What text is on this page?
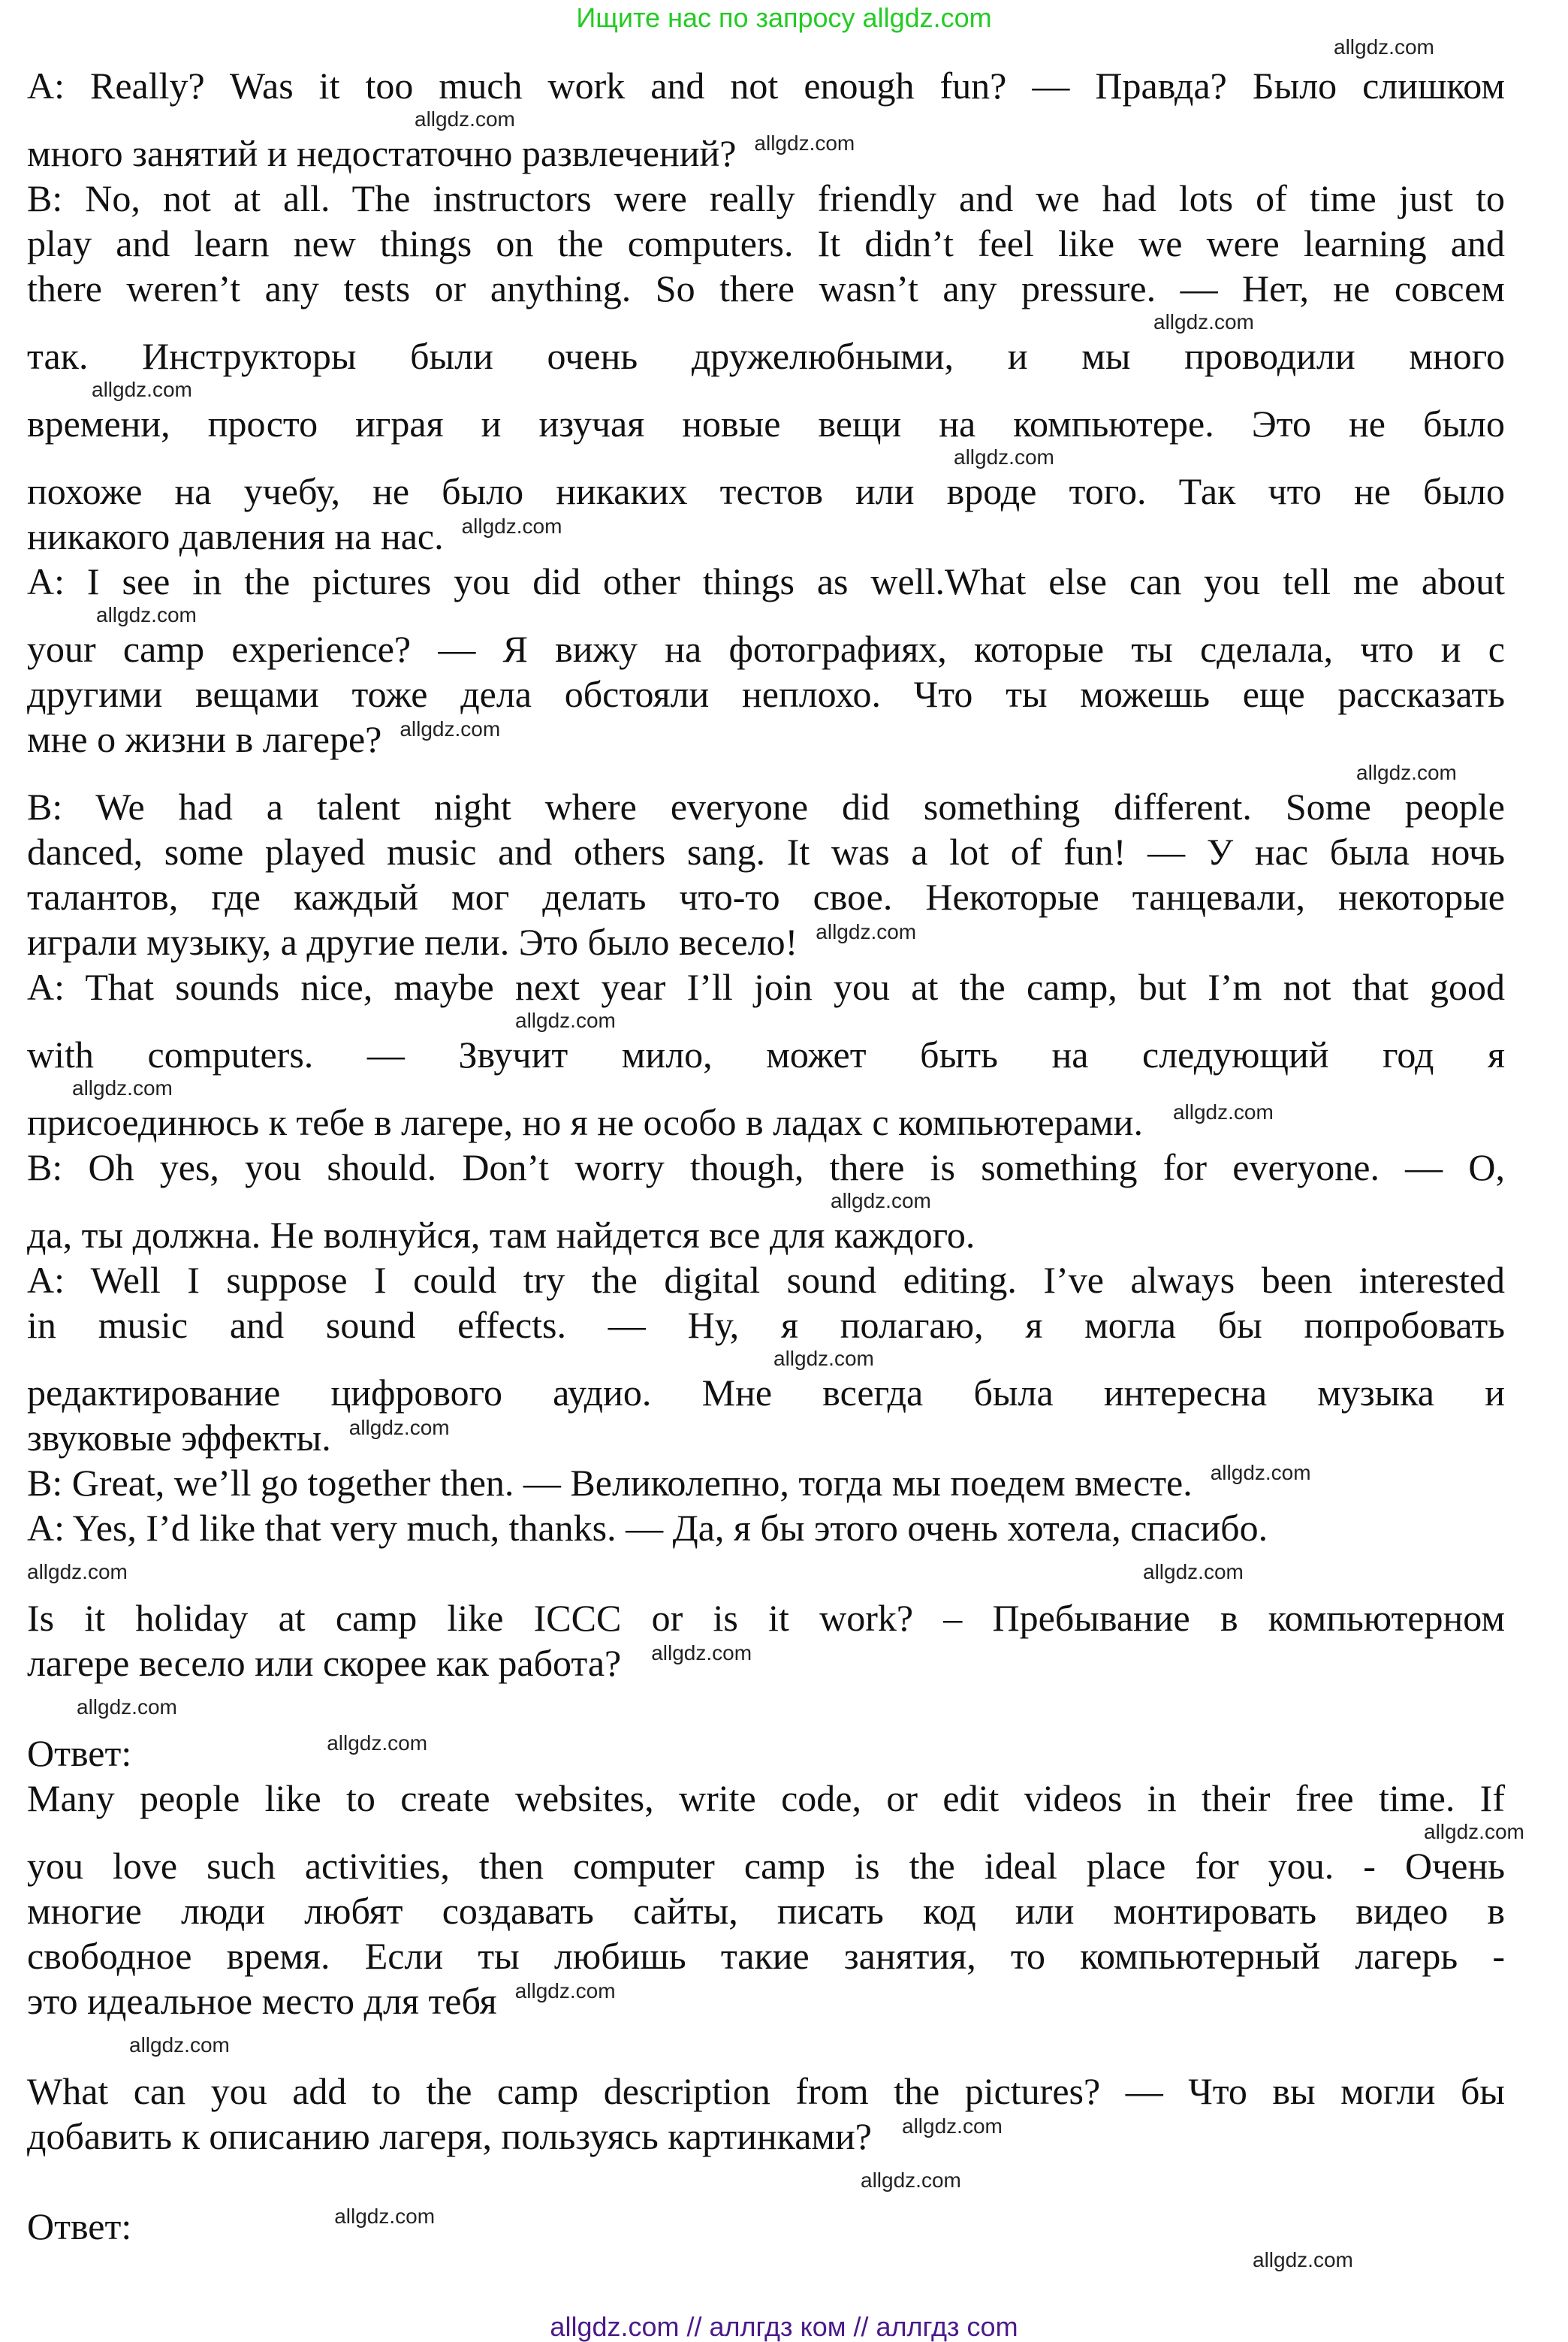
Ищите нас по запросу allgdz.com
allgdz.com
A: Really? Was it too much work and not enough fun? — Правда? Было слишком
allgdz.com
много занятий и недостаточно развлечений? allgdz.com
B: No, not at all. The instructors were really friendly and we had lots of time just to
play and learn new things on the computers. It didn’t feel like we were learning and
there weren’t any tests or anything. So there wasn’t any pressure. — Нет, не совсем
allgdz.com
так. Инструкторы были очень дружелюбными, и мы проводили много
allgdz.com
времени, просто играя и изучая новые вещи на компьютере. Это не было
allgdz.com
похоже на учебу, не было никаких тестов или вроде того. Так что не было
никакого давления на нас. allgdz.com
A: I see in the pictures you did other things as well.What else can you tell me about
allgdz.com
your camp experience? — Я вижу на фотографиях, которые ты сделала, что и с
другими вещами тоже дела обстояли неплохо. Что ты можешь еще рассказать
мне о жизни в лагере? allgdz.com
allgdz.com
B: We had a talent night where everyone did something different. Some people
danced, some played music and others sang. It was a lot of fun! — У нас была ночь
талантов, где каждый мог делать что-то свое. Некоторые танцевали, некоторые
играли музыку, а другие пели. Это было весело! allgdz.com
A: That sounds nice, maybe next year I’ll join you at the camp, but I’m not that good
allgdz.com
with computers. — Звучит мило, может быть на следующий год я
allgdz.com
присоединюсь к тебе в лагере, но я не особо в ладах с компьютерами. allgdz.com
B: Oh yes, you should. Don’t worry though, there is something for everyone. — О,
allgdz.com
да, ты должна. Не волнуйся, там найдется все для каждого.
A: Well I suppose I could try the digital sound editing. I’ve always been interested
in music and sound effects. — Ну, я полагаю, я могла бы попробовать
allgdz.com
редактирование цифрового аудио. Мне всегда была интересна музыка и
звуковые эффекты. allgdz.com
B: Great, we’ll go together then. — Великолепно, тогда мы поедем вместе. allgdz.com
A: Yes, I’d like that very much, thanks. — Да, я бы этого очень хотела, спасибо.
allgdz.com	allgdz.com
Is it holiday at camp like ICCC or is it work? – Пребывание в компьютерном
лагере весело или скорее как работа? allgdz.com
allgdz.com
Ответ:	allgdz.com
Many people like to create websites, write code, or edit videos in their free time. If
allgdz.com
you love such activities, then computer camp is the ideal place for you. - Очень
многие люди любят создавать сайты, писать код или монтировать видео в
свободное время. Если ты любишь такие занятия, то компьютерный лагерь -
это идеальное место для тебя allgdz.com
allgdz.com
What can you add to the camp description from the pictures? — Что вы могли бы
добавить к описанию лагеря, пользуясь картинками? allgdz.com
allgdz.com
Ответ:	allgdz.com
allgdz.com
allgdz.com // аллгдз ком // аллгдз com
